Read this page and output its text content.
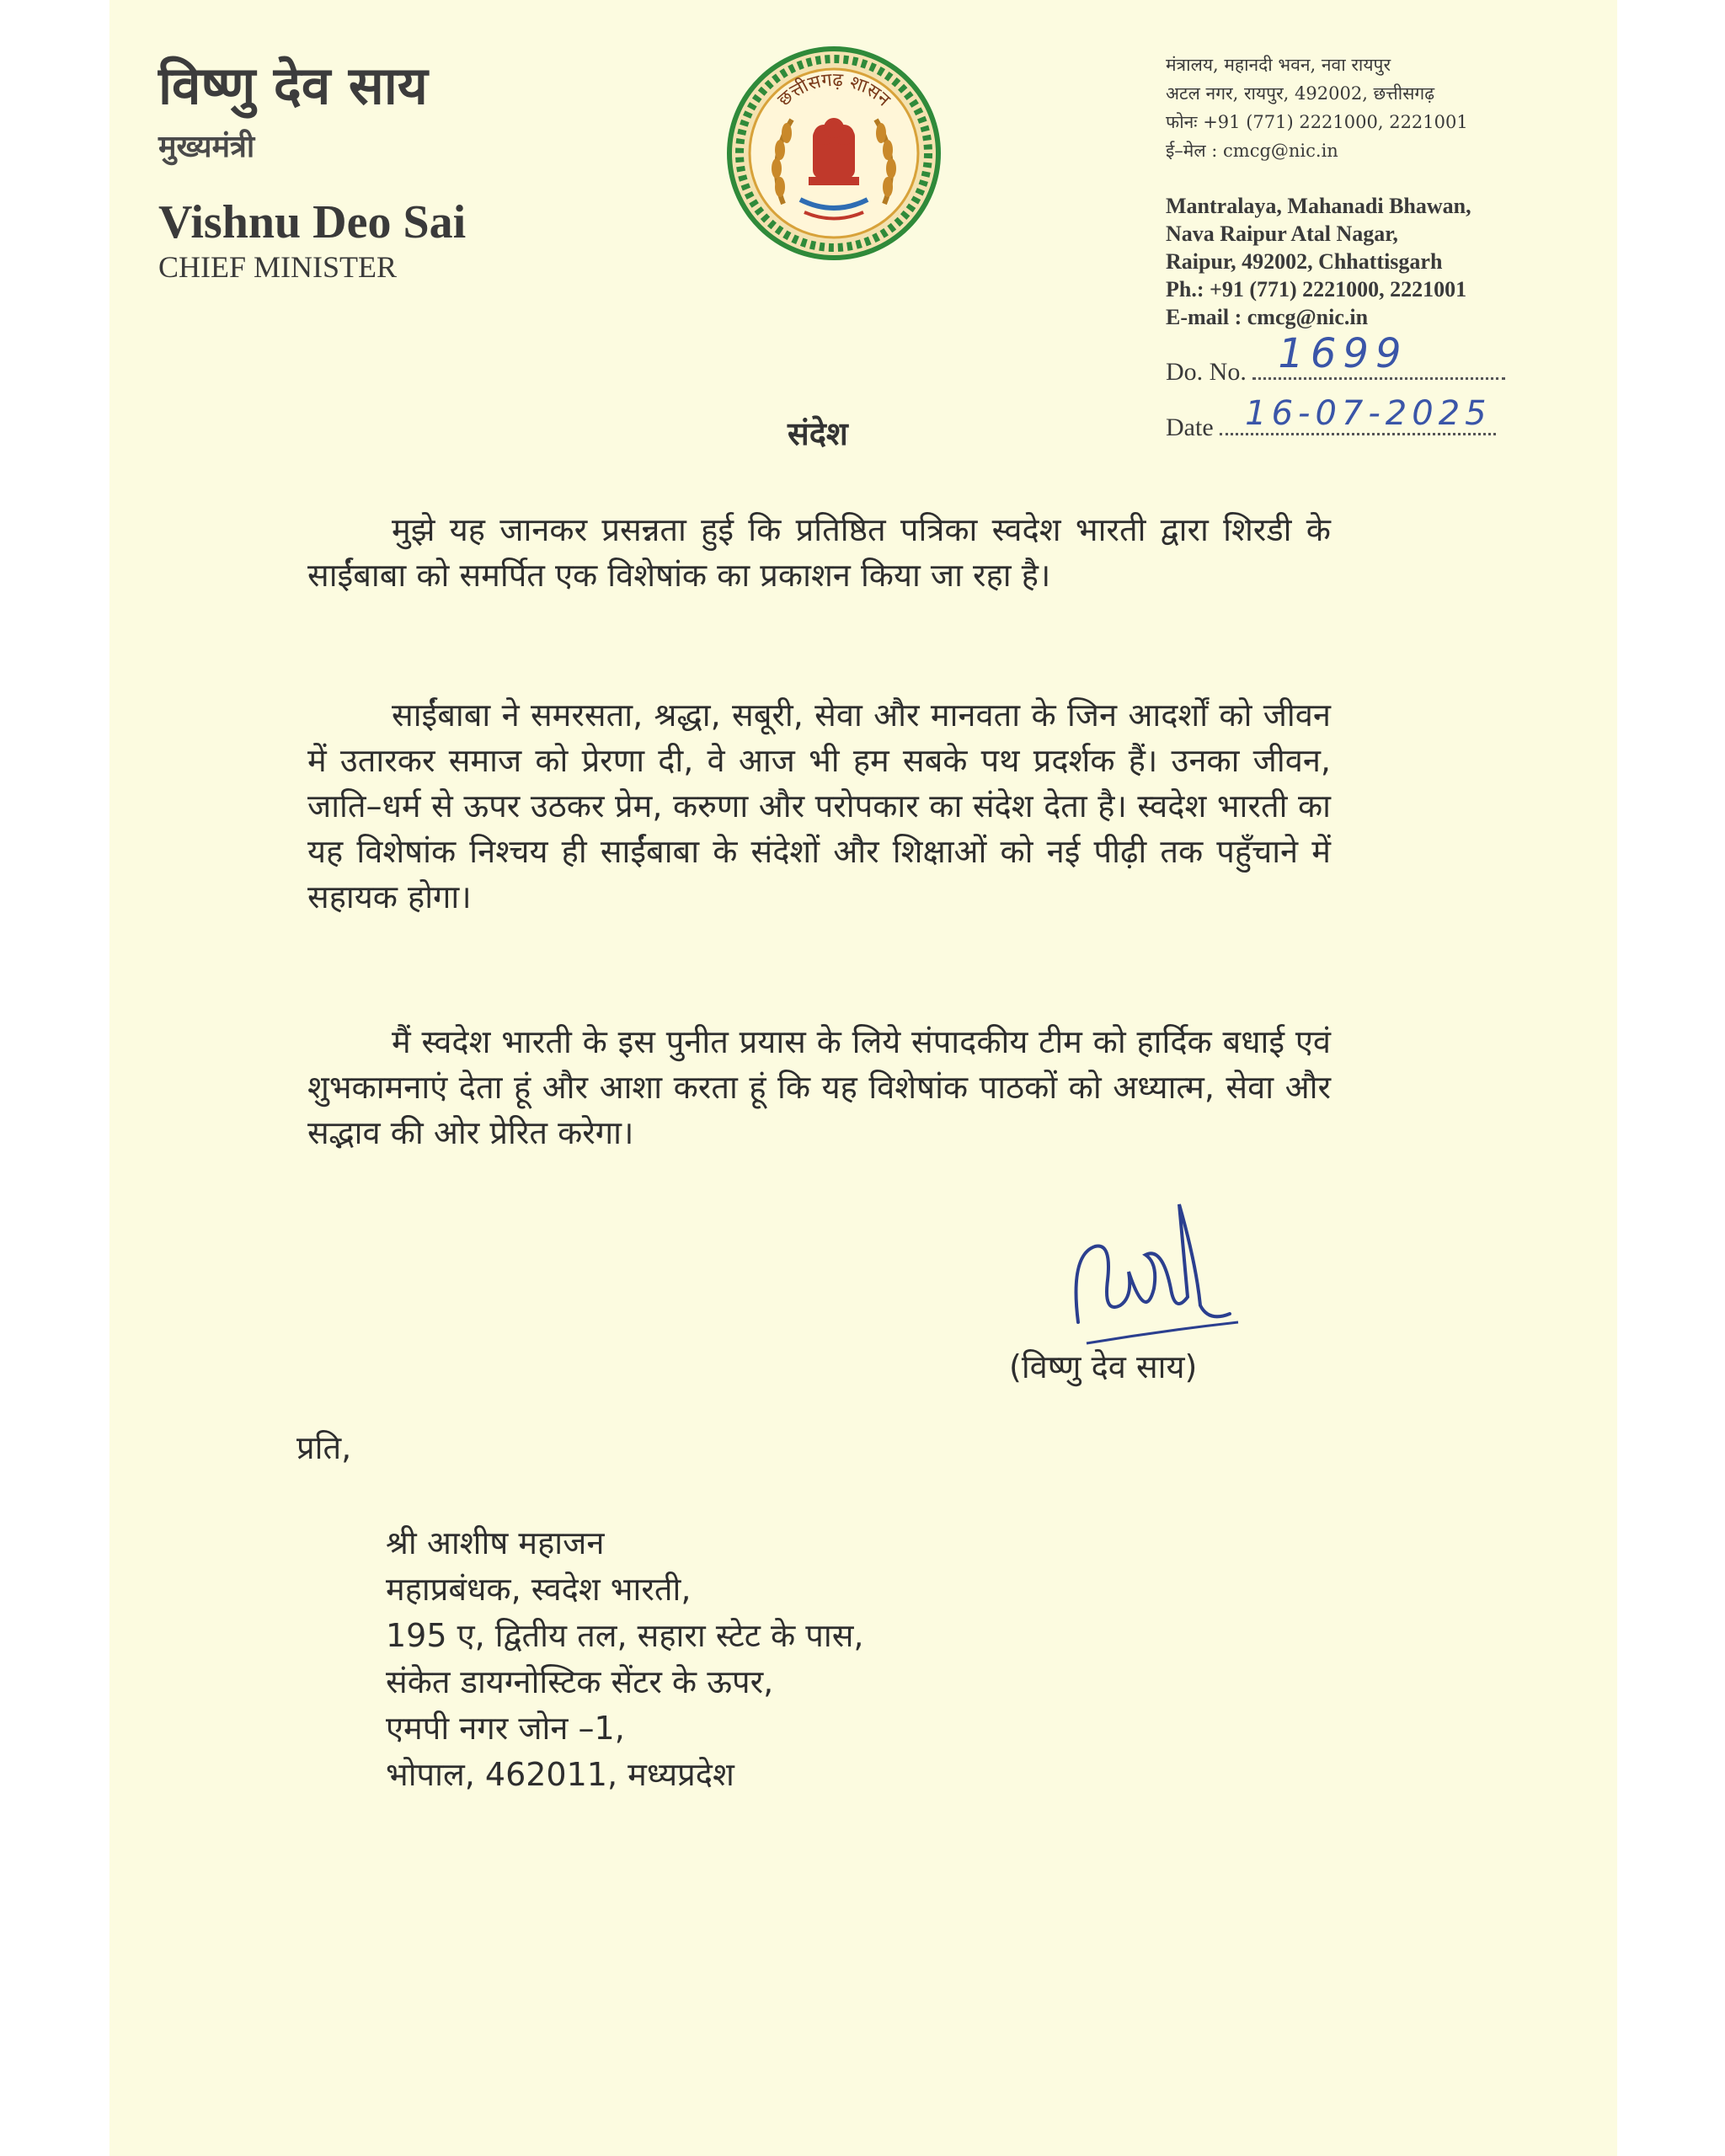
विष्णु देव साय
मुख्यमंत्री
Vishnu Deo Sai
CHIEF MINISTER
छत्तीसगढ़ शासन
मंत्रालय, महानदी भवन, नवा रायपुर
अटल नगर, रायपुर, 492002, छत्तीसगढ़
फोनः +91 (771) 2221000, 2221001
ई–मेल : cmcg@nic.in
Mantralaya, Mahanadi Bhawan,
Nava Raipur Atal Nagar,
Raipur, 492002, Chhattisgarh
Ph.: +91 (771) 2221000, 2221001
E-mail : cmcg@nic.in
Do. No. 1699
Date 16-07-2025
संदेश
मुझे यह जानकर प्रसन्नता हुई कि प्रतिष्ठित पत्रिका स्वदेश भारती द्वारा शिरडी के साईंबाबा को समर्पित एक विशेषांक का प्रकाशन किया जा रहा है।
साईंबाबा ने समरसता, श्रद्धा, सबूरी, सेवा और मानवता के जिन आदर्शों को जीवन में उतारकर समाज को प्रेरणा दी, वे आज भी हम सबके पथ प्रदर्शक हैं। उनका जीवन, जाति–धर्म से ऊपर उठकर प्रेम, करुणा और परोपकार का संदेश देता है। स्वदेश भारती का यह विशेषांक निश्चय ही साईंबाबा के संदेशों और शिक्षाओं को नई पीढ़ी तक पहुँचाने में सहायक होगा।
मैं स्वदेश भारती के इस पुनीत प्रयास के लिये संपादकीय टीम को हार्दिक बधाई एवं शुभकामनाएं देता हूं और आशा करता हूं कि यह विशेषांक पाठकों को अध्यात्म, सेवा और सद्भाव की ओर प्रेरित करेगा।
(विष्णु देव साय)
प्रति,
श्री आशीष महाजन
महाप्रबंधक, स्वदेश भारती,
195 ए, द्वितीय तल, सहारा स्टेट के पास,
संकेत डायग्नोस्टिक सेंटर के ऊपर,
एमपी नगर जोन –1,
भोपाल, 462011, मध्यप्रदेश
